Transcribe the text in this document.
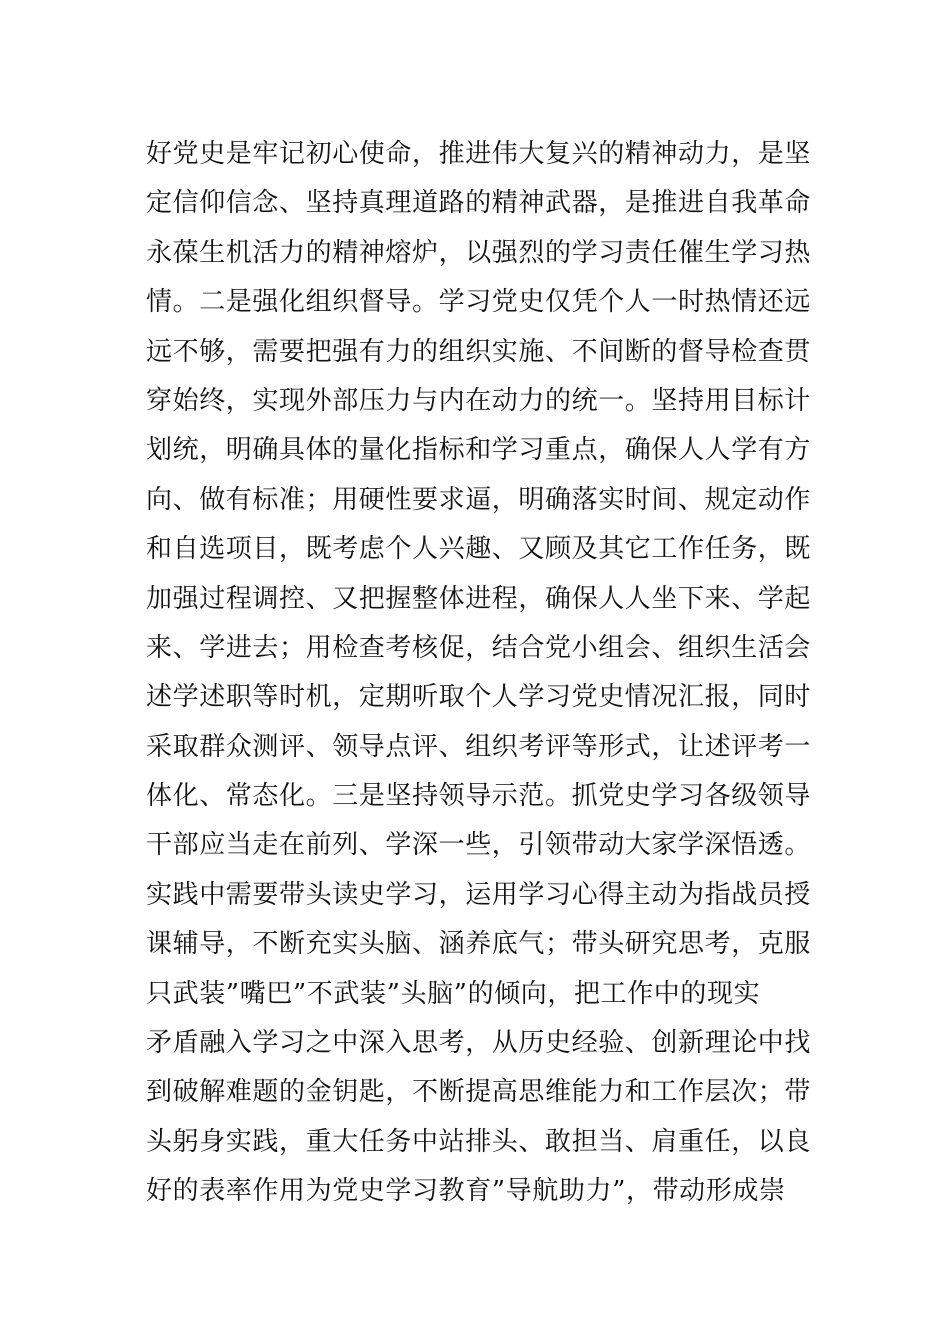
好党史是牢记初心使命，推进伟大复兴的精神动力，是坚
定信仰信念、坚持真理道路的精神武器，是推进自我革命
永葆生机活力的精神熔炉，以强烈的学习责任催生学习热
情。二是强化组织督导。学习党史仅凭个人一时热情还远
远不够，需要把强有力的组织实施、不间断的督导检查贯
穿始终，实现外部压力与内在动力的统一。坚持用目标计
划统，明确具体的量化指标和学习重点，确保人人学有方
向、做有标准；用硬性要求逼，明确落实时间、规定动作
和自选项目，既考虑个人兴趣、又顾及其它工作任务，既
加强过程调控、又把握整体进程，确保人人坐下来、学起
来、学进去；用检查考核促，结合党小组会、组织生活会
述学述职等时机，定期听取个人学习党史情况汇报，同时
采取群众测评、领导点评、组织考评等形式，让述评考一
体化、常态化。三是坚持领导示范。抓党史学习各级领导
干部应当走在前列、学深一些，引领带动大家学深悟透。
实践中需要带头读史学习，运用学习心得主动为指战员授
课辅导，不断充实头脑、涵养底气；带头研究思考，克服
只武装”嘴巴”不武装”头脑”的倾向，把工作中的现实
矛盾融入学习之中深入思考，从历史经验、创新理论中找
到破解难题的金钥匙，不断提高思维能力和工作层次；带
头躬身实践，重大任务中站排头、敢担当、肩重任，以良
好的表率作用为党史学习教育”导航助力”，带动形成崇
